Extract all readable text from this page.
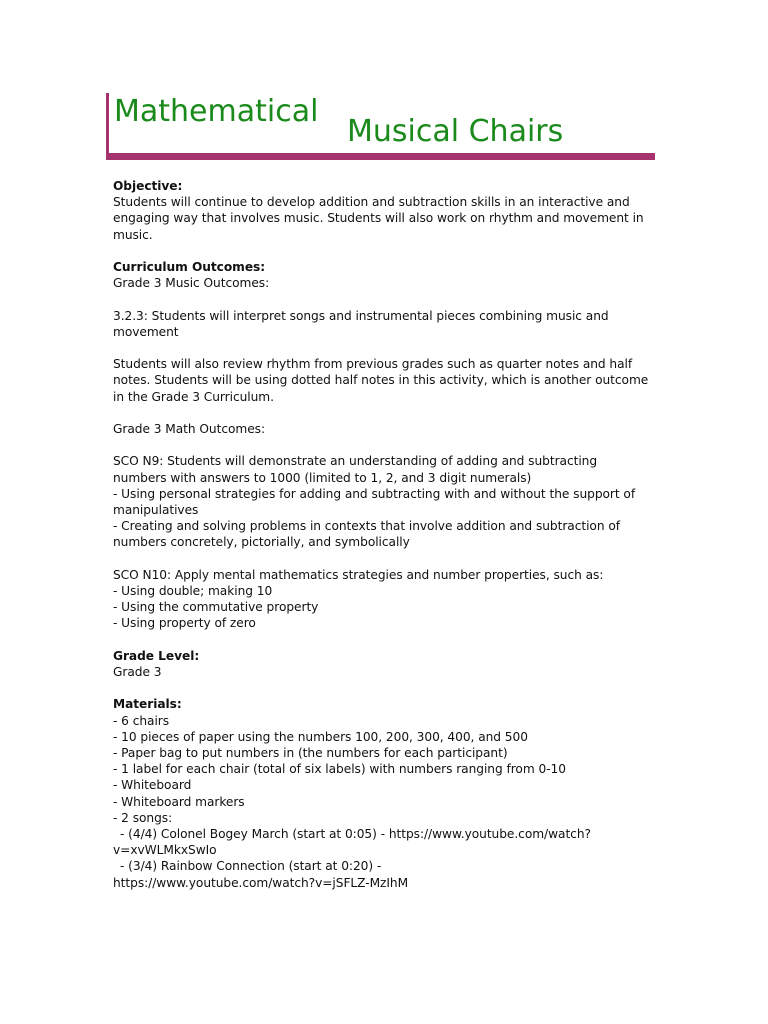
Mathematical
Musical Chairs
Objective:
Students will continue to develop addition and subtraction skills in an interactive and
engaging way that involves music. Students will also work on rhythm and movement in
music.
Curriculum Outcomes:
Grade 3 Music Outcomes:
3.2.3: Students will interpret songs and instrumental pieces combining music and
movement
Students will also review rhythm from previous grades such as quarter notes and half
notes. Students will be using dotted half notes in this activity, which is another outcome
in the Grade 3 Curriculum.
Grade 3 Math Outcomes:
SCO N9: Students will demonstrate an understanding of adding and subtracting
numbers with answers to 1000 (limited to 1, 2, and 3 digit numerals)
- Using personal strategies for adding and subtracting with and without the support of
manipulatives
- Creating and solving problems in contexts that involve addition and subtraction of
numbers concretely, pictorially, and symbolically
SCO N10: Apply mental mathematics strategies and number properties, such as:
- Using double; making 10
- Using the commutative property
- Using property of zero
Grade Level:
Grade 3
Materials:
- 6 chairs
- 10 pieces of paper using the numbers 100, 200, 300, 400, and 500
- Paper bag to put numbers in (the numbers for each participant)
- 1 label for each chair (total of six labels) with numbers ranging from 0-10
- Whiteboard
- Whiteboard markers
- 2 songs:
- (4/4) Colonel Bogey March (start at 0:05) - https://www.youtube.com/watch?
v=xvWLMkxSwIo
- (3/4) Rainbow Connection (start at 0:20) -
https://www.youtube.com/watch?v=jSFLZ-MzIhM
